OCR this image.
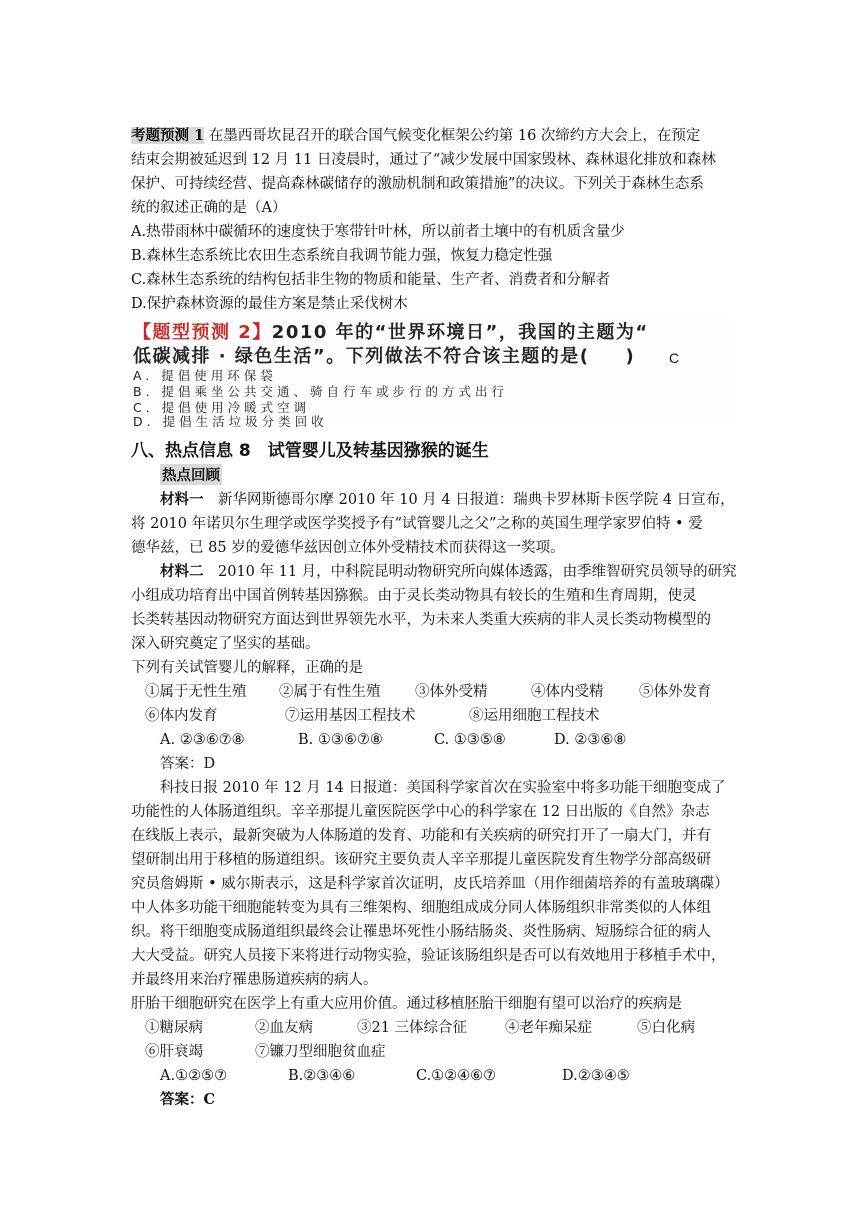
考题预测 1 在墨西哥坎昆召开的联合国气候变化框架公约第 16 次缔约方大会上，在预定
结束会期被延迟到 12 月 11 日凌晨时，通过了“减少发展中国家毁林、森林退化排放和森林
保护、可持续经营、提高森林碳储存的激励机制和政策措施”的决议。下列关于森林生态系
统的叙述正确的是（A）
A.热带雨林中碳循环的速度快于寒带针叶林，所以前者土壤中的有机质含量少
B.森林生态系统比农田生态系统自我调节能力强，恢复力稳定性强
C.森林生态系统的结构包括非生物的物质和能量、生产者、消费者和分解者
D.保护森林资源的最佳方案是禁止采伐树木
【题型预测 2】2010 年的“世界环境日”，我国的主题为“
低碳减排 · 绿色生活”。下列做法不符合该主题的是( ) C
A. 提倡使用环保袋
B. 提倡乘坐公共交通、骑自行车或步行的方式出行
C. 提倡使用冷暖式空调
D. 提倡生活垃圾分类回收
八、热点信息 8　试管婴儿及转基因猕猴的诞生
热点回顾
材料一　新华网斯德哥尔摩 2010 年 10 月 4 日报道：瑞典卡罗林斯卡医学院 4 日宣布，
将 2010 年诺贝尔生理学或医学奖授予有“试管婴儿之父”之称的英国生理学家罗伯特 • 爱
德华兹，已 85 岁的爱德华兹因创立体外受精技术而获得这一奖项。
材料二　2010 年 11 月，中科院昆明动物研究所向媒体透露，由季维智研究员领导的研究
小组成功培育出中国首例转基因猕猴。由于灵长类动物具有较长的生殖和生育周期，使灵
长类转基因动物研究方面达到世界领先水平，为未来人类重大疾病的非人灵长类动物模型的
深入研究奠定了坚实的基础。
下列有关试管婴儿的解释，正确的是
①属于无性生殖 ②属于有性生殖 ③体外受精	④体内受精 ⑤体外发育
⑥体内发育	⑦运用基因工程技术	⑧运用细胞工程技术
A. ②③⑥⑦⑧	B. ①③⑥⑦⑧	C. ①③⑤⑧	D. ②③⑥⑧
答案：D
科技日报 2010 年 12 月 14 日报道：美国科学家首次在实验室中将多功能干细胞变成了
功能性的人体肠道组织。辛辛那提儿童医院医学中心的科学家在 12 日出版的《自然》杂志
在线版上表示，最新突破为人体肠道的发育、功能和有关疾病的研究打开了一扇大门，并有
望研制出用于移植的肠道组织。该研究主要负责人辛辛那提儿童医院发育生物学分部高级研
究员詹姆斯 • 威尔斯表示，这是科学家首次证明，皮氏培养皿（用作细菌培养的有盖玻璃碟）
中人体多功能干细胞能转变为具有三维架构、细胞组成成分同人体肠组织非常类似的人体组
织。将干细胞变成肠道组织最终会让罹患坏死性小肠结肠炎、炎性肠病、短肠综合征的病人
大大受益。研究人员接下来将进行动物实验，验证该肠组织是否可以有效地用于移植手术中，
并最终用来治疗罹患肠道疾病的病人。
肝胎干细胞研究在医学上有重大应用价值。通过移植胚胎干细胞有望可以治疗的疾病是
①糖尿病	②血友病	③21 三体综合征	④老年痴呆症	⑤白化病
⑥肝衰竭	⑦镰刀型细胞贫血症
A.①②⑤⑦	B.②③④⑥	C.①②④⑥⑦	D.②③④⑤
答案：C
